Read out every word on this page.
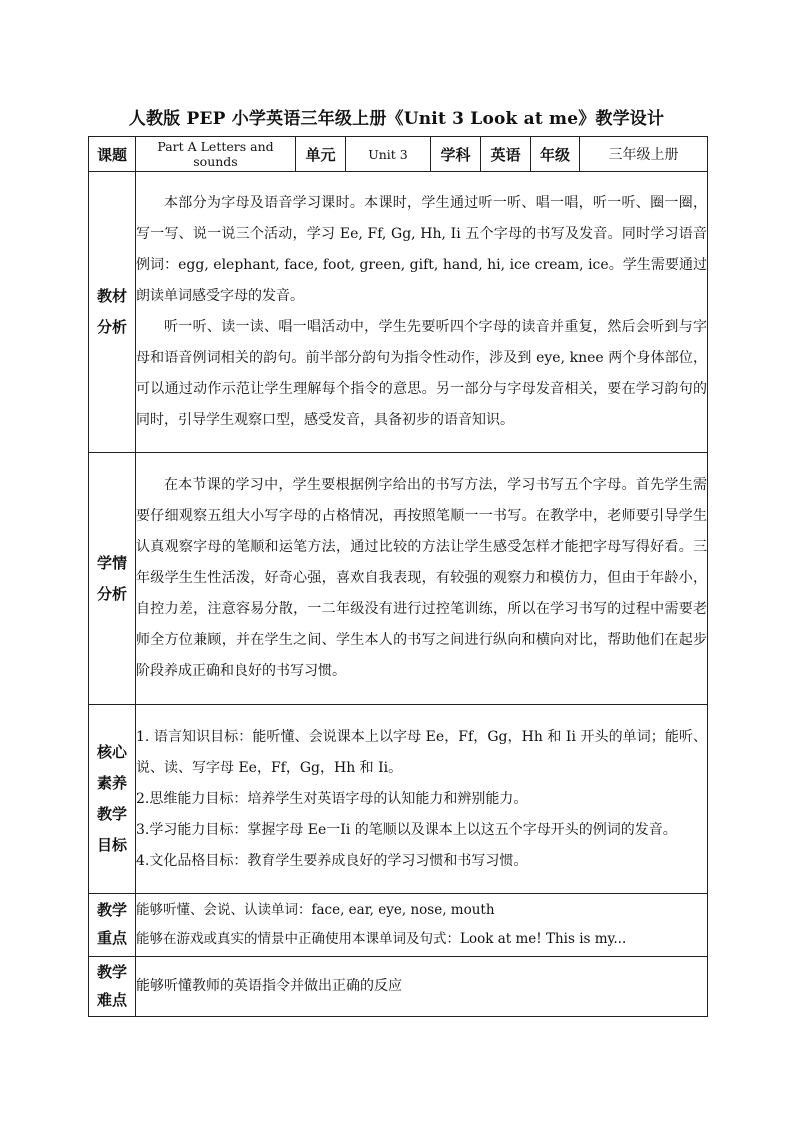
人教版 PEP 小学英语三年级上册《Unit 3 Look at me》教学设计
课题	Part A Letters and sounds	单元	Unit 3	学科	英语	年级	三年级上册
教材分析	本部分为字母及语音学习课时。本课时，学生通过听一听、唱一唱，听一听、圈一圈，写一写、说一说三个活动，学习 Ee, Ff, Gg, Hh, Ii 五个字母的书写及发音。同时学习语音例词：egg, elephant, face, foot, green, gift, hand, hi, ice cream, ice。学生需要通过朗读单词感受字母的发音。

听一听、读一读、唱一唱活动中，学生先要听四个字母的读音并重复，然后会听到与字母和语音例词相关的韵句。前半部分韵句为指令性动作，涉及到 eye, knee 两个身体部位，可以通过动作示范让学生理解每个指令的意思。另一部分与字母发音相关，要在学习韵句的同时，引导学生观察口型，感受发音，具备初步的语音知识。						

学情分析	在本节课的学习中，学生要根据例字给出的书写方法，学习书写五个字母。首先学生需要仔细观察五组大小写字母的占格情况，再按照笔顺一一书写。在教学中，老师要引导学生认真观察字母的笔顺和运笔方法，通过比较的方法让学生感受怎样才能把字母写得好看。三年级学生生性活泼，好奇心强，喜欢自我表现，有较强的观察力和模仿力，但由于年龄小，自控力差，注意容易分散，一二年级没有进行过控笔训练，所以在学习书写的过程中需要老师全方位兼顾，并在学生之间、学生本人的书写之间进行纵向和横向对比，帮助他们在起步阶段养成正确和良好的书写习惯。						

核心素养教学目标	1. 语言知识目标：能听懂、会说课本上以字母 Ee，Ff，Gg，Hh 和 Ii 开头的单词；能听、说、读、写字母 Ee，Ff，Gg，Hh 和 Ii。

2.思维能力目标：培养学生对英语字母的认知能力和辨别能力。

3.学习能力目标：掌握字母 Ee一Ii 的笔顺以及课本上以这五个字母开头的例词的发音。

4.文化品格目标：教育学生要养成良好的学习习惯和书写习惯。						

教学重点	能够听懂、会说、认读单词：face, ear, eye, nose, mouth
能够在游戏或真实的情景中正确使用本课单词及句式：Look at me! This is my...						

教学难点	能够听懂教师的英语指令并做出正确的反应						
